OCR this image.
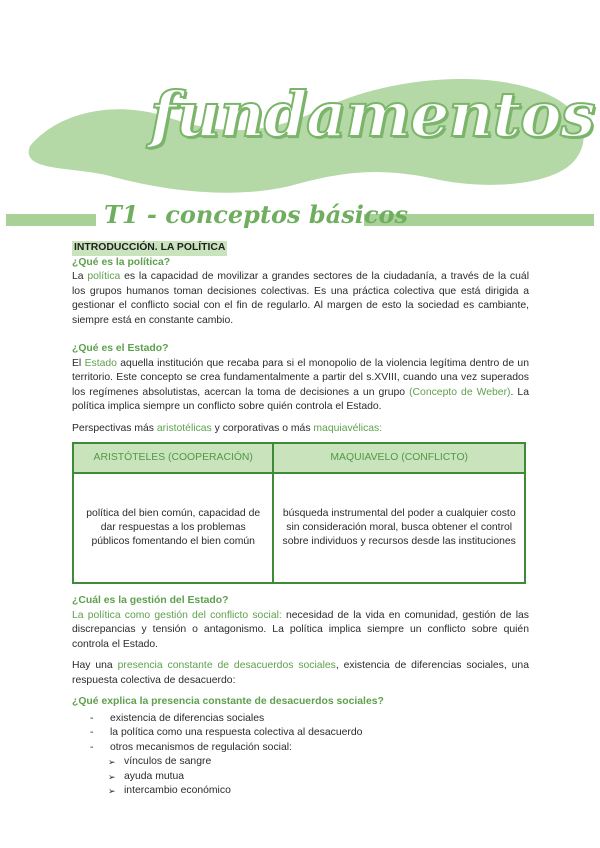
fundamentos
T1 - conceptos básicos

INTRODUCCIÓN. LA POLÍTICA

¿Qué es la política?

La política es la capacidad de movilizar a grandes sectores de la ciudadanía, a través de la cuál los grupos humanos toman decisiones colectivas. Es una práctica colectiva que está dirigida a gestionar el conflicto social con el fin de regularlo. Al margen de esto la sociedad es cambiante, siempre está en constante cambio.

¿Qué es el Estado?

El Estado aquella institución que recaba para si el monopolio de la violencia legítima dentro de un territorio. Este concepto se crea fundamentalmente a partir del s.XVIII, cuando una vez superados los regímenes absolutistas, acercan la toma de decisiones a un grupo (Concepto de Weber). La política implica siempre un conflicto sobre quién controla el Estado.

Perspectivas más aristotélicas y corporativas o más maquiavélicas:

ARISTÓTELES (COOPERACIÓN)	MAQUIAVELO (CONFLICTO)
política del bien común, capacidad de dar respuestas a los problemas públicos fomentando el bien común	búsqueda instrumental del poder a cualquier costo sin consideración moral, busca obtener el control sobre individuos y recursos desde las instituciones

¿Cuál es la gestión del Estado?

La política como gestión del conflicto social: necesidad de la vida en comunidad, gestión de las discrepancias y tensión o antagonismo. La política implica siempre un conflicto sobre quién controla el Estado.

Hay una presencia constante de desacuerdos sociales, existencia de diferencias sociales, una respuesta colectiva de desacuerdo:

¿Qué explica la presencia constante de desacuerdos sociales?

- existencia de diferencias sociales
- la política como una respuesta colectiva al desacuerdo
- otros mecanismos de regulación social:
➢ vínculos de sangre
➢ ayuda mutua
➢ intercambio económico
